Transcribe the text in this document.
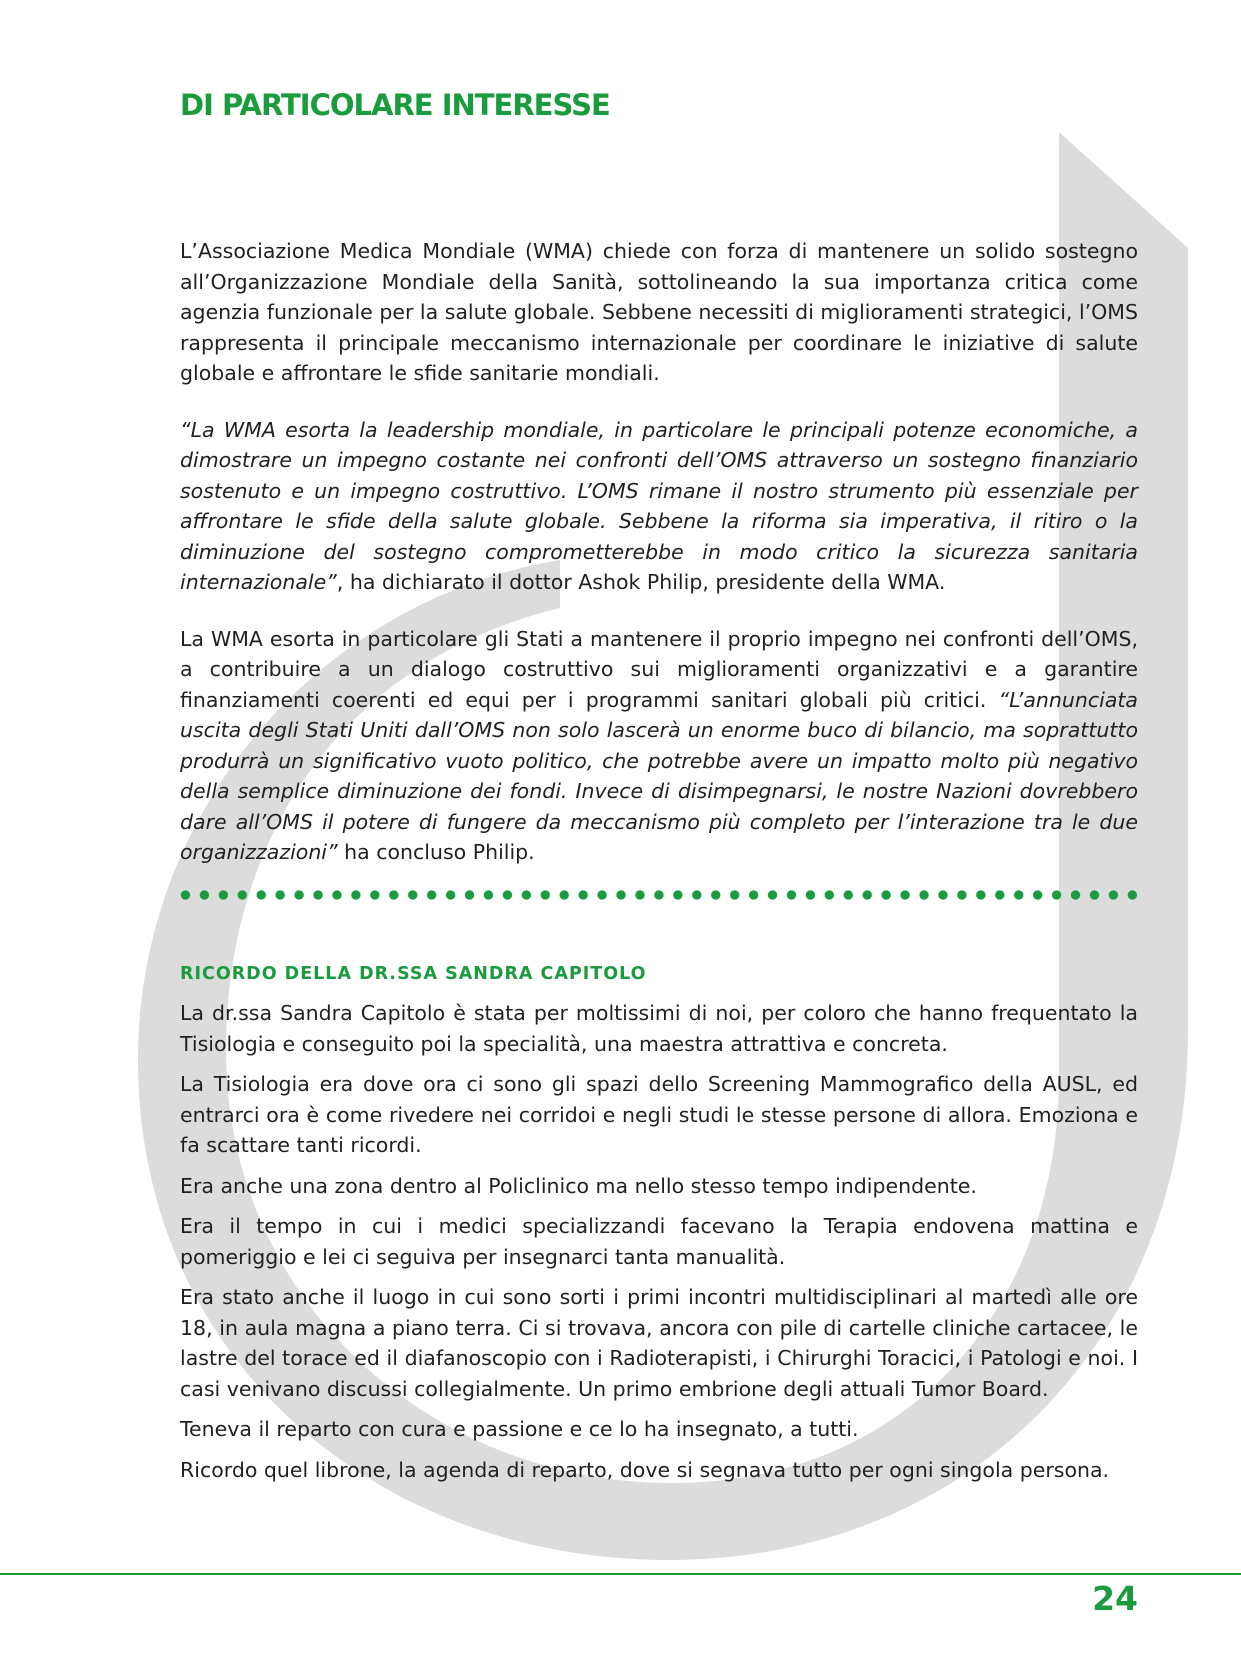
DI PARTICOLARE INTERESSE

L’Associazione Medica Mondiale (WMA) chiede con forza di mantenere un solido sostegno all’Organizzazione Mondiale della Sanità, sottolineando la sua importanza critica come agenzia funzionale per la salute globale. Sebbene necessiti di miglioramenti strategici, l’OMS rappresenta il principale meccanismo internazionale per coordinare le iniziative di salute globale e affrontare le sfide sanitarie mondiali.

“La WMA esorta la leadership mondiale, in particolare le principali potenze economiche, a dimostrare un impegno costante nei confronti dell’OMS attraverso un sostegno finanziario sostenuto e un impegno costruttivo. L’OMS rimane il nostro strumento più essenziale per affrontare le sfide della salute globale. Sebbene la riforma sia imperativa, il ritiro o la diminuzione del sostegno comprometterebbe in modo critico la sicurezza sanitaria internazionale”, ha dichiarato il dottor Ashok Philip, presidente della WMA.

La WMA esorta in particolare gli Stati a mantenere il proprio impegno nei confronti dell’OMS, a contribuire a un dialogo costruttivo sui miglioramenti organizzativi e a garantire finanziamenti coerenti ed equi per i programmi sanitari globali più critici. “L’annunciata uscita degli Stati Uniti dall’OMS non solo lascerà un enorme buco di bilancio, ma soprattutto produrrà un significativo vuoto politico, che potrebbe avere un impatto molto più negativo della semplice diminuzione dei fondi. Invece di disimpegnarsi, le nostre Nazioni dovrebbero dare all’OMS il potere di fungere da meccanismo più completo per l’interazione tra le due organizzazioni” ha concluso Philip.

RICORDO DELLA DR.SSA SANDRA CAPITOLO

La dr.ssa Sandra Capitolo è stata per moltissimi di noi, per coloro che hanno frequentato la Tisiologia e conseguito poi la specialità, una maestra attrattiva e concreta.

La Tisiologia era dove ora ci sono gli spazi dello Screening Mammografico della AUSL, ed entrarci ora è come rivedere nei corridoi e negli studi le stesse persone di allora. Emoziona e fa scattare tanti ricordi.

Era anche una zona dentro al Policlinico ma nello stesso tempo indipendente.

Era il tempo in cui i medici specializzandi facevano la Terapia endovena mattina e pomeriggio e lei ci seguiva per insegnarci tanta manualità.

Era stato anche il luogo in cui sono sorti i primi incontri multidisciplinari al martedì alle ore 18, in aula magna a piano terra. Ci si trovava, ancora con pile di cartelle cliniche cartacee, le lastre del torace ed il diafanoscopio con i Radioterapisti, i Chirurghi Toracici, i Patologi e noi. I casi venivano discussi collegialmente. Un primo embrione degli attuali Tumor Board.

Teneva il reparto con cura e passione e ce lo ha insegnato, a tutti.

Ricordo quel librone, la agenda di reparto, dove si segnava tutto per ogni singola persona.

24
